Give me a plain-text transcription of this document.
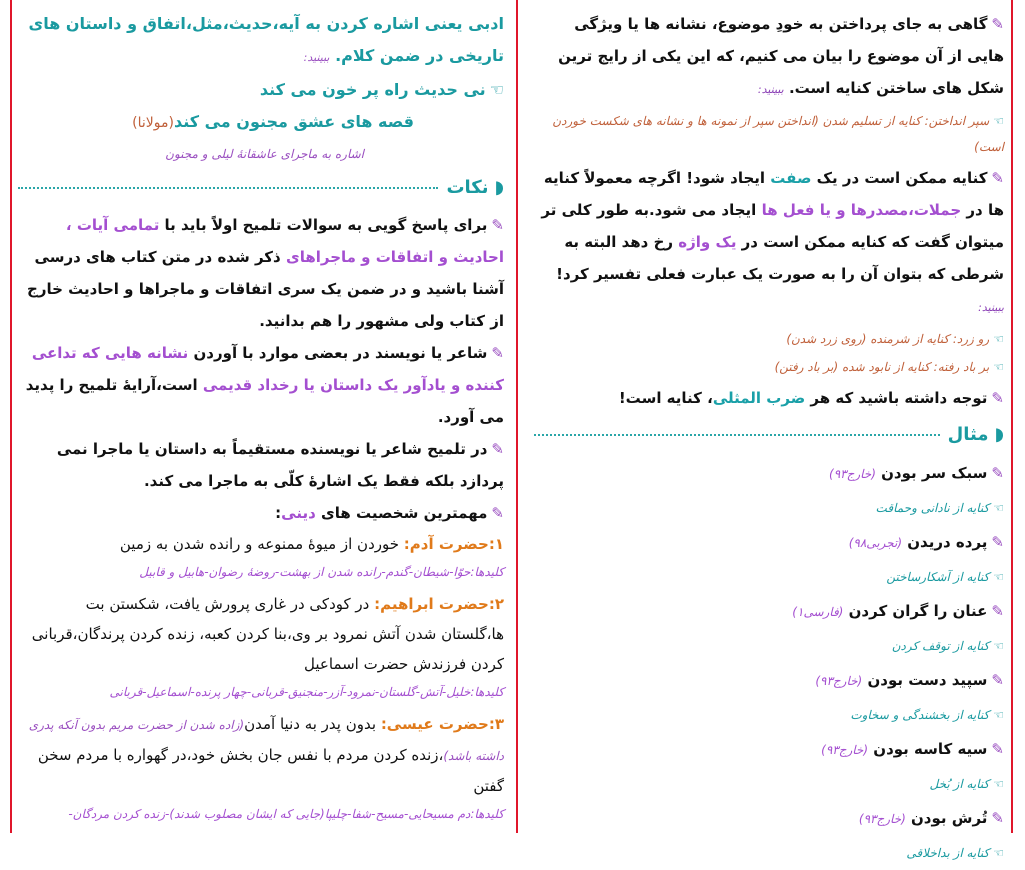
✎گاهی به جای پرداختن به خودِ موضوع، نشانه ها یا ویژگی هایی از آن موضوع را بیان می کنیم، که این یکی از رایج ترین شکل های ساختن کنایه است. ببینید:

☜سپر انداختن: کنایه از تسلیم شدن (انداختن سپر از نمونه ها و نشانه های شکست خوردن است)

✎کنایه ممکن است در یک صفت ایجاد شود! اگرچه معمولاً کنایه ها در جملات،مصدرها و یا فعل ها ایجاد می شود.به طور کلی تر میتوان گفت که کنایه ممکن است در یک واژه رخ دهد البته به شرطی که بتوان آن را به صورت یک عبارت فعلی تفسیر کرد! ببینید:

☜رو زرد: کنایه از شرمنده (روی زرد شدن)

☜بر باد رفته: کنایه از نابود شده (بر باد رفتن)

✎توجه داشته باشید که هر ضرب المثلی، کنایه است!

◗
مثال

✎سبک سر بودن (خارج۹۳)

☜کنایه از نادانی وحماقت

✎پرده دریدن (تجربی۹۸)

☜کنایه از آشکارساختن

✎عنان را گران کردن (فارسی۱)

☜کنایه از توقف کردن

✎سپید دست بودن (خارج۹۳)

☜کنایه از بخشندگی و سخاوت

✎سیه کاسه بودن (خارج۹۳)

☜کنایه از بُخل

✎تُرش بودن (خارج۹۳)

☜کنایه از بداخلاقی

ادبی یعنی اشاره کردن به آیه،حدیث،مثل،اتفاق و داستان های تاریخی در ضمن کلام. ببینید:

☜نی حدیث راه پر خون می کند

قصه های عشق مجنون می کند(مولانا)

اشاره به ماجرای عاشقانهٔ لیلی و مجنون

◗
نکات

✎برای پاسخ گویی به سوالات تلمیح اولاً باید با تمامی آیات ، احادیث و اتفاقات و ماجراهای ذکر شده در متن کتاب های درسی آشنا باشید و در ضمن یک سری اتفاقات و ماجراها و احادیث خارج از کتاب ولی مشهور را هم بدانید.

✎شاعر یا نویسند در بعضی موارد با آوردن نشانه هایی که تداعی کننده و یادآور یک داستان یا رخداد قدیمی است،آرایهٔ تلمیح را پدید می آورد.

✎در تلمیح شاعر یا نویسنده مستقیماً به داستان یا ماجرا نمی پردازد بلکه فقط یک اشارهٔ کلّی به ماجرا می کند.

✎مهمترین شخصیت های دینی:

۱:حضرت آدم: خوردن از میوهٔ ممنوعه و رانده شدن به زمین

کلیدها:حوّا-شیطان-گندم-رانده شدن از بهشت-روضهٔ رضوان-هابیل و قابیل

۲:حضرت ابراهیم: در کودکی در غاری پرورش یافت، شکستن بت ها،گلستان شدن آتش نمرود بر وی،بنا کردن کعبه، زنده کردن پرندگان،قربانی کردن فرزندش حضرت اسماعیل

کلیدها:خلیل-آتش-گلستان-نمرود-آزر-منجنیق-قربانی-چهار پرنده-اسماعیل-قربانی

۳:حضرت عیسی: بدون پدر به دنیا آمدن(زاده شدن از حضرت مریم بدون آنکه پدری داشته باشد)،زنده کردن مردم با نفس جان بخش خود،در گهواره با مردم سخن گفتن

کلیدها:دم مسیحایی-مسیح-شفا-چلیپا(جایی که ایشان مصلوب شدند)-زنده کردن مردگان-
